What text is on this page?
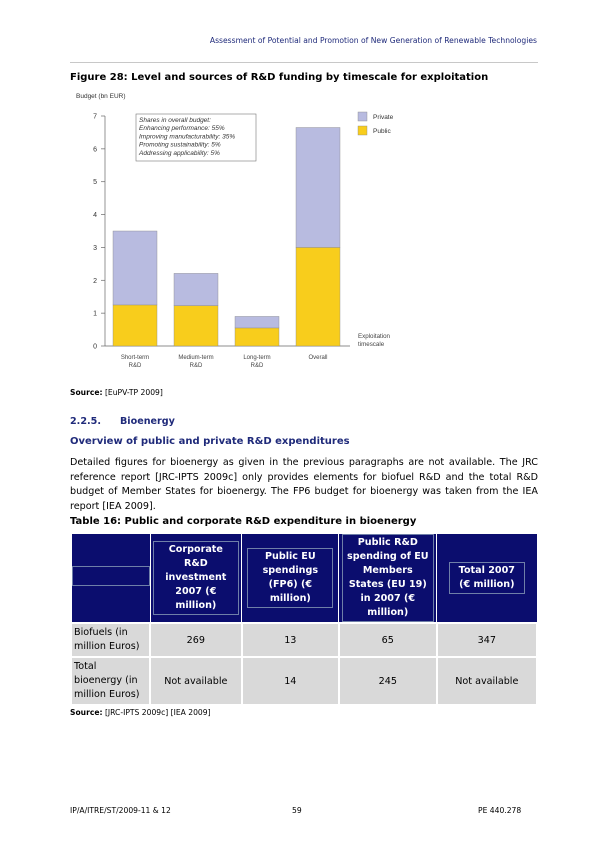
Assessment of Potential and Promotion of New Generation of Renewable Technologies
Figure 28: Level and sources of R&D funding by timescale for exploitation
Budget (bn EUR)
0
1
2
3
4
5
6
7
Short-term
R&D
Medium-term
R&D
Long-term
R&D
Overall
Shares in overall budget:
Enhancing performance: 55%
Improving manufacturability: 35%
Promoting sustainability: 5%
Addressing applicability: 5%
Private
Public
Exploitation
timescale
Source: [EuPV-TP 2009]
2.2.5. Bioenergy
Overview of public and private R&D expenditures
Detailed figures for bioenergy as given in the previous paragraphs are not available. The JRC reference report [JRC-IPTS 2009c] only provides elements for biofuel R&D and the total R&D budget of Member States for bioenergy. The FP6 budget for bioenergy was taken from the IEA report [IEA 2009].
Table 16: Public and corporate R&D expenditure in bioenergy
	Corporate R&D investment 2007 (€ million)	Public EU spendings (FP6) (€ million)	Public R&D spending of EU Members States (EU 19) in 2007 (€ million)	Total 2007 (€ million)
Biofuels (in million Euros)	269	13	65	347
Total bioenergy (in million Euros)	Not available	14	245	Not available
Source: [JRC-IPTS 2009c] [IEA 2009]
IP/A/ITRE/ST/2009-11 & 12	59	PE 440.278
